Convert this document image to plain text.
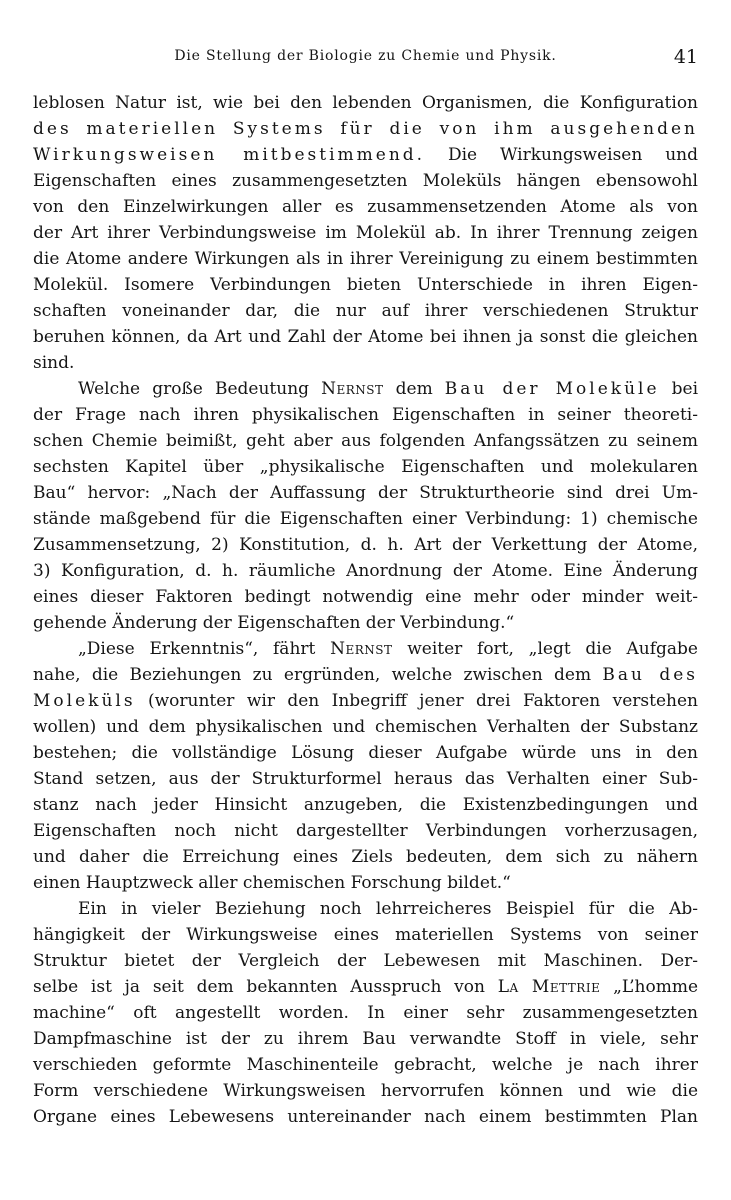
Die Stellung der Biologie zu Chemie und Physik.	41
leblosen Natur ist, wie bei den lebenden Organismen, die Konfiguration
des materiellen Systems für die von ihm ausgehenden
Wirkungsweisen mitbestimmend. Die Wirkungsweisen und
Eigenschaften eines zusammengesetzten Moleküls hängen ebensowohl
von den Einzelwirkungen aller es zusammensetzenden Atome als von
der Art ihrer Verbindungsweise im Molekül ab. In ihrer Trennung zeigen
die Atome andere Wirkungen als in ihrer Vereinigung zu einem bestimmten
Molekül. Isomere Verbindungen bieten Unterschiede in ihren Eigen-
schaften voneinander dar, die nur auf ihrer verschiedenen Struktur
beruhen können, da Art und Zahl der Atome bei ihnen ja sonst die gleichen
sind.
Welche große Bedeutung Nernst dem Bau der Moleküle bei
der Frage nach ihren physikalischen Eigenschaften in seiner theoreti-
schen Chemie beimißt, geht aber aus folgenden Anfangssätzen zu seinem
sechsten Kapitel über „physikalische Eigenschaften und molekularen
Bau“ hervor: „Nach der Auffassung der Strukturtheorie sind drei Um-
stände maßgebend für die Eigenschaften einer Verbindung: 1) chemische
Zusammensetzung, 2) Konstitution, d. h. Art der Verkettung der Atome,
3) Konfiguration, d. h. räumliche Anordnung der Atome. Eine Änderung
eines dieser Faktoren bedingt notwendig eine mehr oder minder weit-
gehende Änderung der Eigenschaften der Verbindung.“
„Diese Erkenntnis“, fährt Nernst weiter fort, „legt die Aufgabe
nahe, die Beziehungen zu ergründen, welche zwischen dem Bau des
Moleküls (worunter wir den Inbegriff jener drei Faktoren verstehen
wollen) und dem physikalischen und chemischen Verhalten der Substanz
bestehen; die vollständige Lösung dieser Aufgabe würde uns in den
Stand setzen, aus der Strukturformel heraus das Verhalten einer Sub-
stanz nach jeder Hinsicht anzugeben, die Existenzbedingungen und
Eigenschaften noch nicht dargestellter Verbindungen vorherzusagen,
und daher die Erreichung eines Ziels bedeuten, dem sich zu nähern
einen Hauptzweck aller chemischen Forschung bildet.“
Ein in vieler Beziehung noch lehrreicheres Beispiel für die Ab-
hängigkeit der Wirkungsweise eines materiellen Systems von seiner
Struktur bietet der Vergleich der Lebewesen mit Maschinen. Der-
selbe ist ja seit dem bekannten Ausspruch von La Mettrie „L’homme
machine“ oft angestellt worden. In einer sehr zusammengesetzten
Dampfmaschine ist der zu ihrem Bau verwandte Stoff in viele, sehr
verschieden geformte Maschinenteile gebracht, welche je nach ihrer
Form verschiedene Wirkungsweisen hervorrufen können und wie die
Organe eines Lebewesens untereinander nach einem bestimmten Plan
